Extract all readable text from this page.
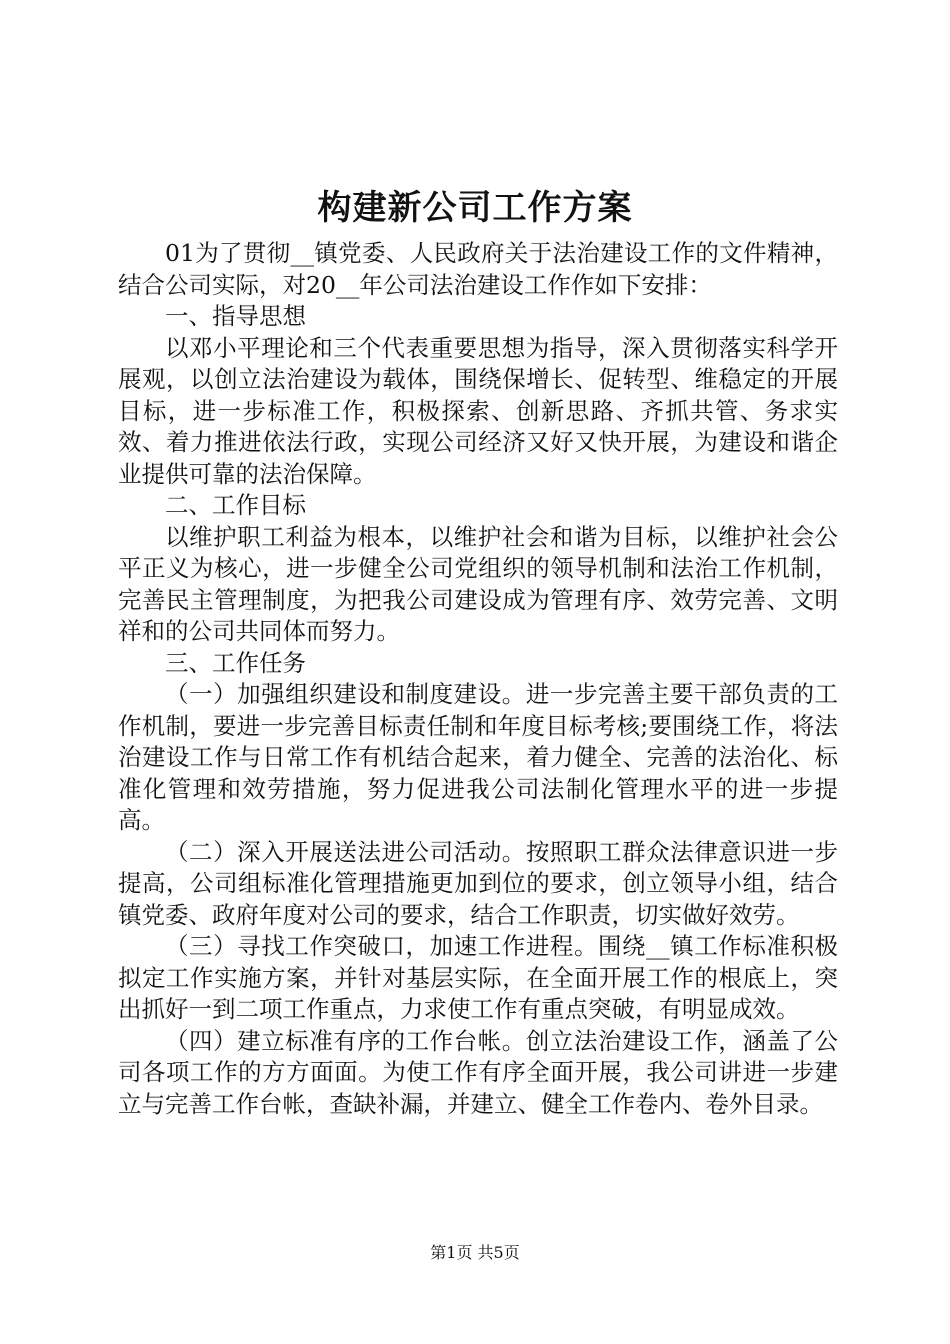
构建新公司工作方案

01为了贯彻__镇党委、人民政府关于法治建设工作的文件精神，结合公司实际，对20__年公司法治建设工作作如下安排：

一、指导思想

以邓小平理论和三个代表重要思想为指导，深入贯彻落实科学开展观，以创立法治建设为载体，围绕保增长、促转型、维稳定的开展目标，进一步标准工作，积极探索、创新思路、齐抓共管、务求实效、着力推进依法行政，实现公司经济又好又快开展，为建设和谐企业提供可靠的法治保障。

二、工作目标

以维护职工利益为根本，以维护社会和谐为目标，以维护社会公平正义为核心，进一步健全公司党组织的领导机制和法治工作机制，完善民主管理制度，为把我公司建设成为管理有序、效劳完善、文明祥和的公司共同体而努力。

三、工作任务

（一）加强组织建设和制度建设。进一步完善主要干部负责的工作机制，要进一步完善目标责任制和年度目标考核;要围绕工作，将法治建设工作与日常工作有机结合起来，着力健全、完善的法治化、标准化管理和效劳措施，努力促进我公司法制化管理水平的进一步提高。

（二）深入开展送法进公司活动。按照职工群众法律意识进一步提高，公司组标准化管理措施更加到位的要求，创立领导小组，结合镇党委、政府年度对公司的要求，结合工作职责，切实做好效劳。

（三）寻找工作突破口，加速工作进程。围绕__镇工作标准积极拟定工作实施方案，并针对基层实际，在全面开展工作的根底上，突出抓好一到二项工作重点，力求使工作有重点突破，有明显成效。

（四）建立标准有序的工作台帐。创立法治建设工作，涵盖了公司各项工作的方方面面。为使工作有序全面开展，我公司讲进一步建立与完善工作台帐，查缺补漏，并建立、健全工作卷内、卷外目录。

第1页 共5页
